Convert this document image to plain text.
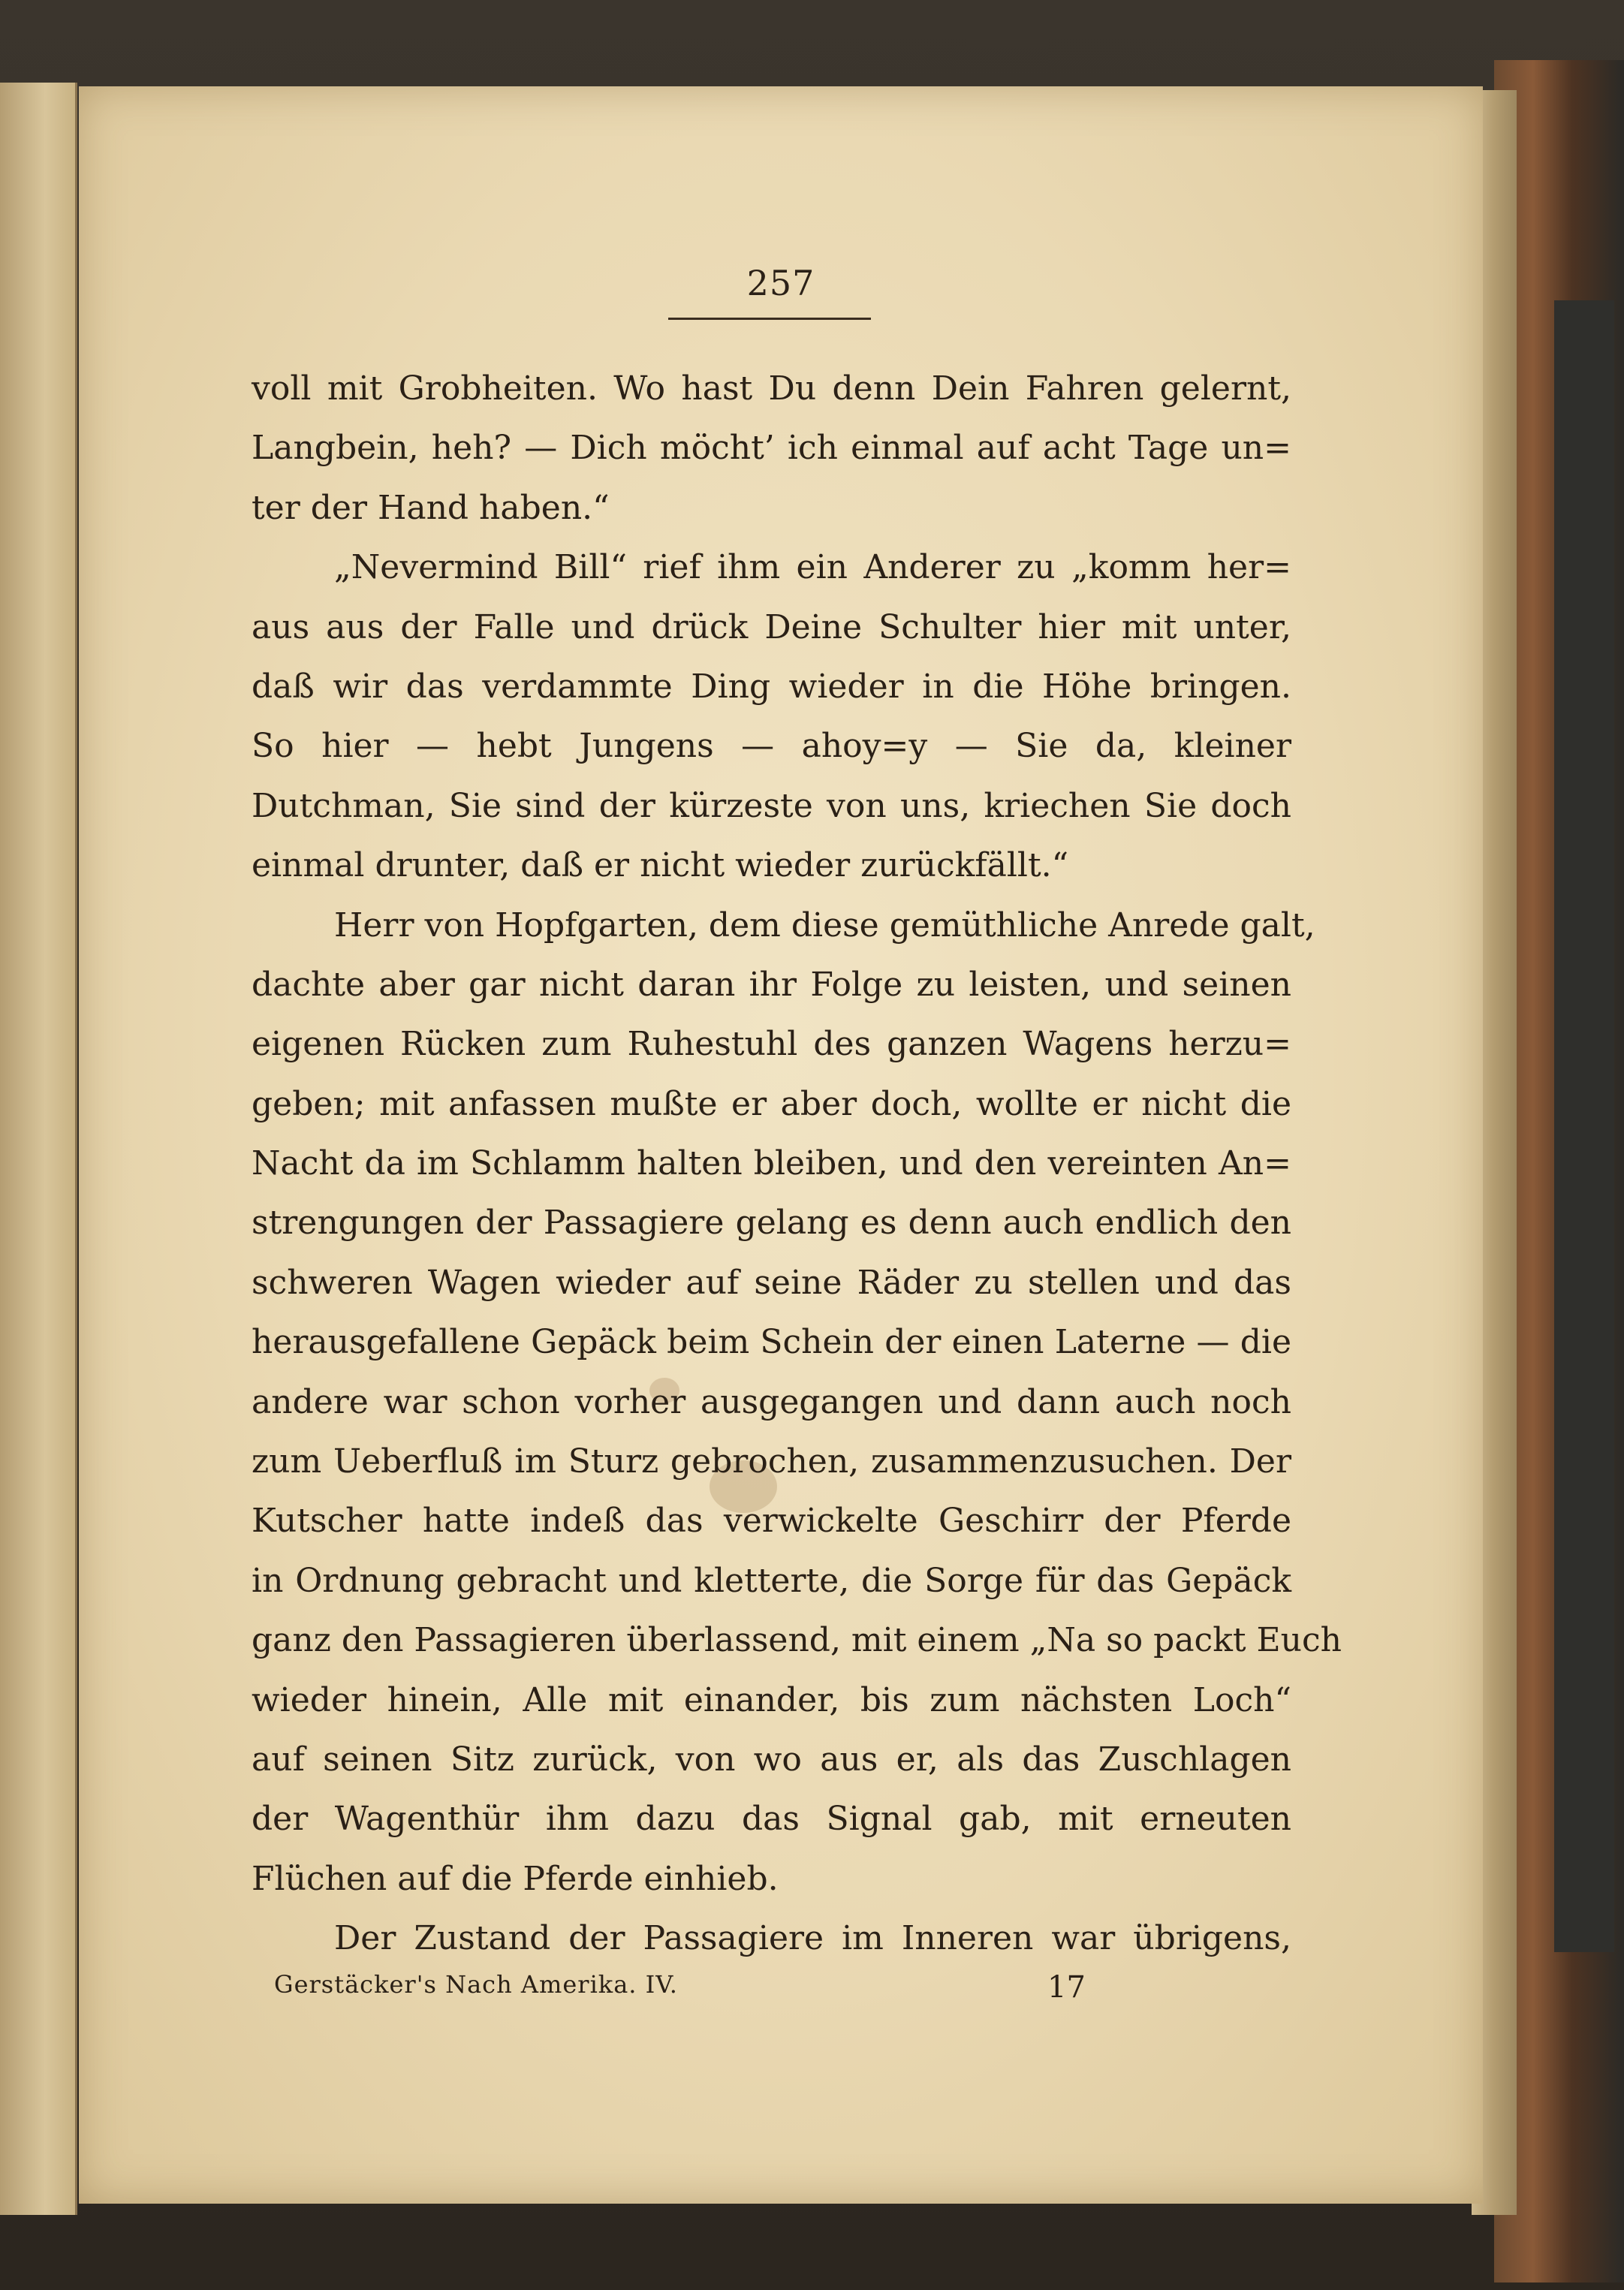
257
voll mit Grobheiten. Wo hast Du denn Dein Fahren gelernt,
Langbein, heh? — Dich möcht’ ich einmal auf acht Tage un=
ter der Hand haben.“
„Nevermind Bill“ rief ihm ein Anderer zu „komm her=
aus aus der Falle und drück Deine Schulter hier mit unter,
daß wir das verdammte Ding wieder in die Höhe bringen.
So hier — hebt Jungens — ahoy=y — Sie da, kleiner
Dutchman, Sie sind der kürzeste von uns, kriechen Sie doch
einmal drunter, daß er nicht wieder zurückfällt.“
Herr von Hopfgarten, dem diese gemüthliche Anrede galt,
dachte aber gar nicht daran ihr Folge zu leisten, und seinen
eigenen Rücken zum Ruhestuhl des ganzen Wagens herzu=
geben; mit anfassen mußte er aber doch, wollte er nicht die
Nacht da im Schlamm halten bleiben, und den vereinten An=
strengungen der Passagiere gelang es denn auch endlich den
schweren Wagen wieder auf seine Räder zu stellen und das
herausgefallene Gepäck beim Schein der einen Laterne — die
andere war schon vorher ausgegangen und dann auch noch
zum Ueberfluß im Sturz gebrochen, zusammenzusuchen. Der
Kutscher hatte indeß das verwickelte Geschirr der Pferde
in Ordnung gebracht und kletterte, die Sorge für das Gepäck
ganz den Passagieren überlassend, mit einem „Na so packt Euch
wieder hinein, Alle mit einander, bis zum nächsten Loch“
auf seinen Sitz zurück, von wo aus er, als das Zuschlagen
der Wagenthür ihm dazu das Signal gab, mit erneuten
Flüchen auf die Pferde einhieb.
Der Zustand der Passagiere im Inneren war übrigens,
Gerstäcker's Nach Amerika. IV.	17
